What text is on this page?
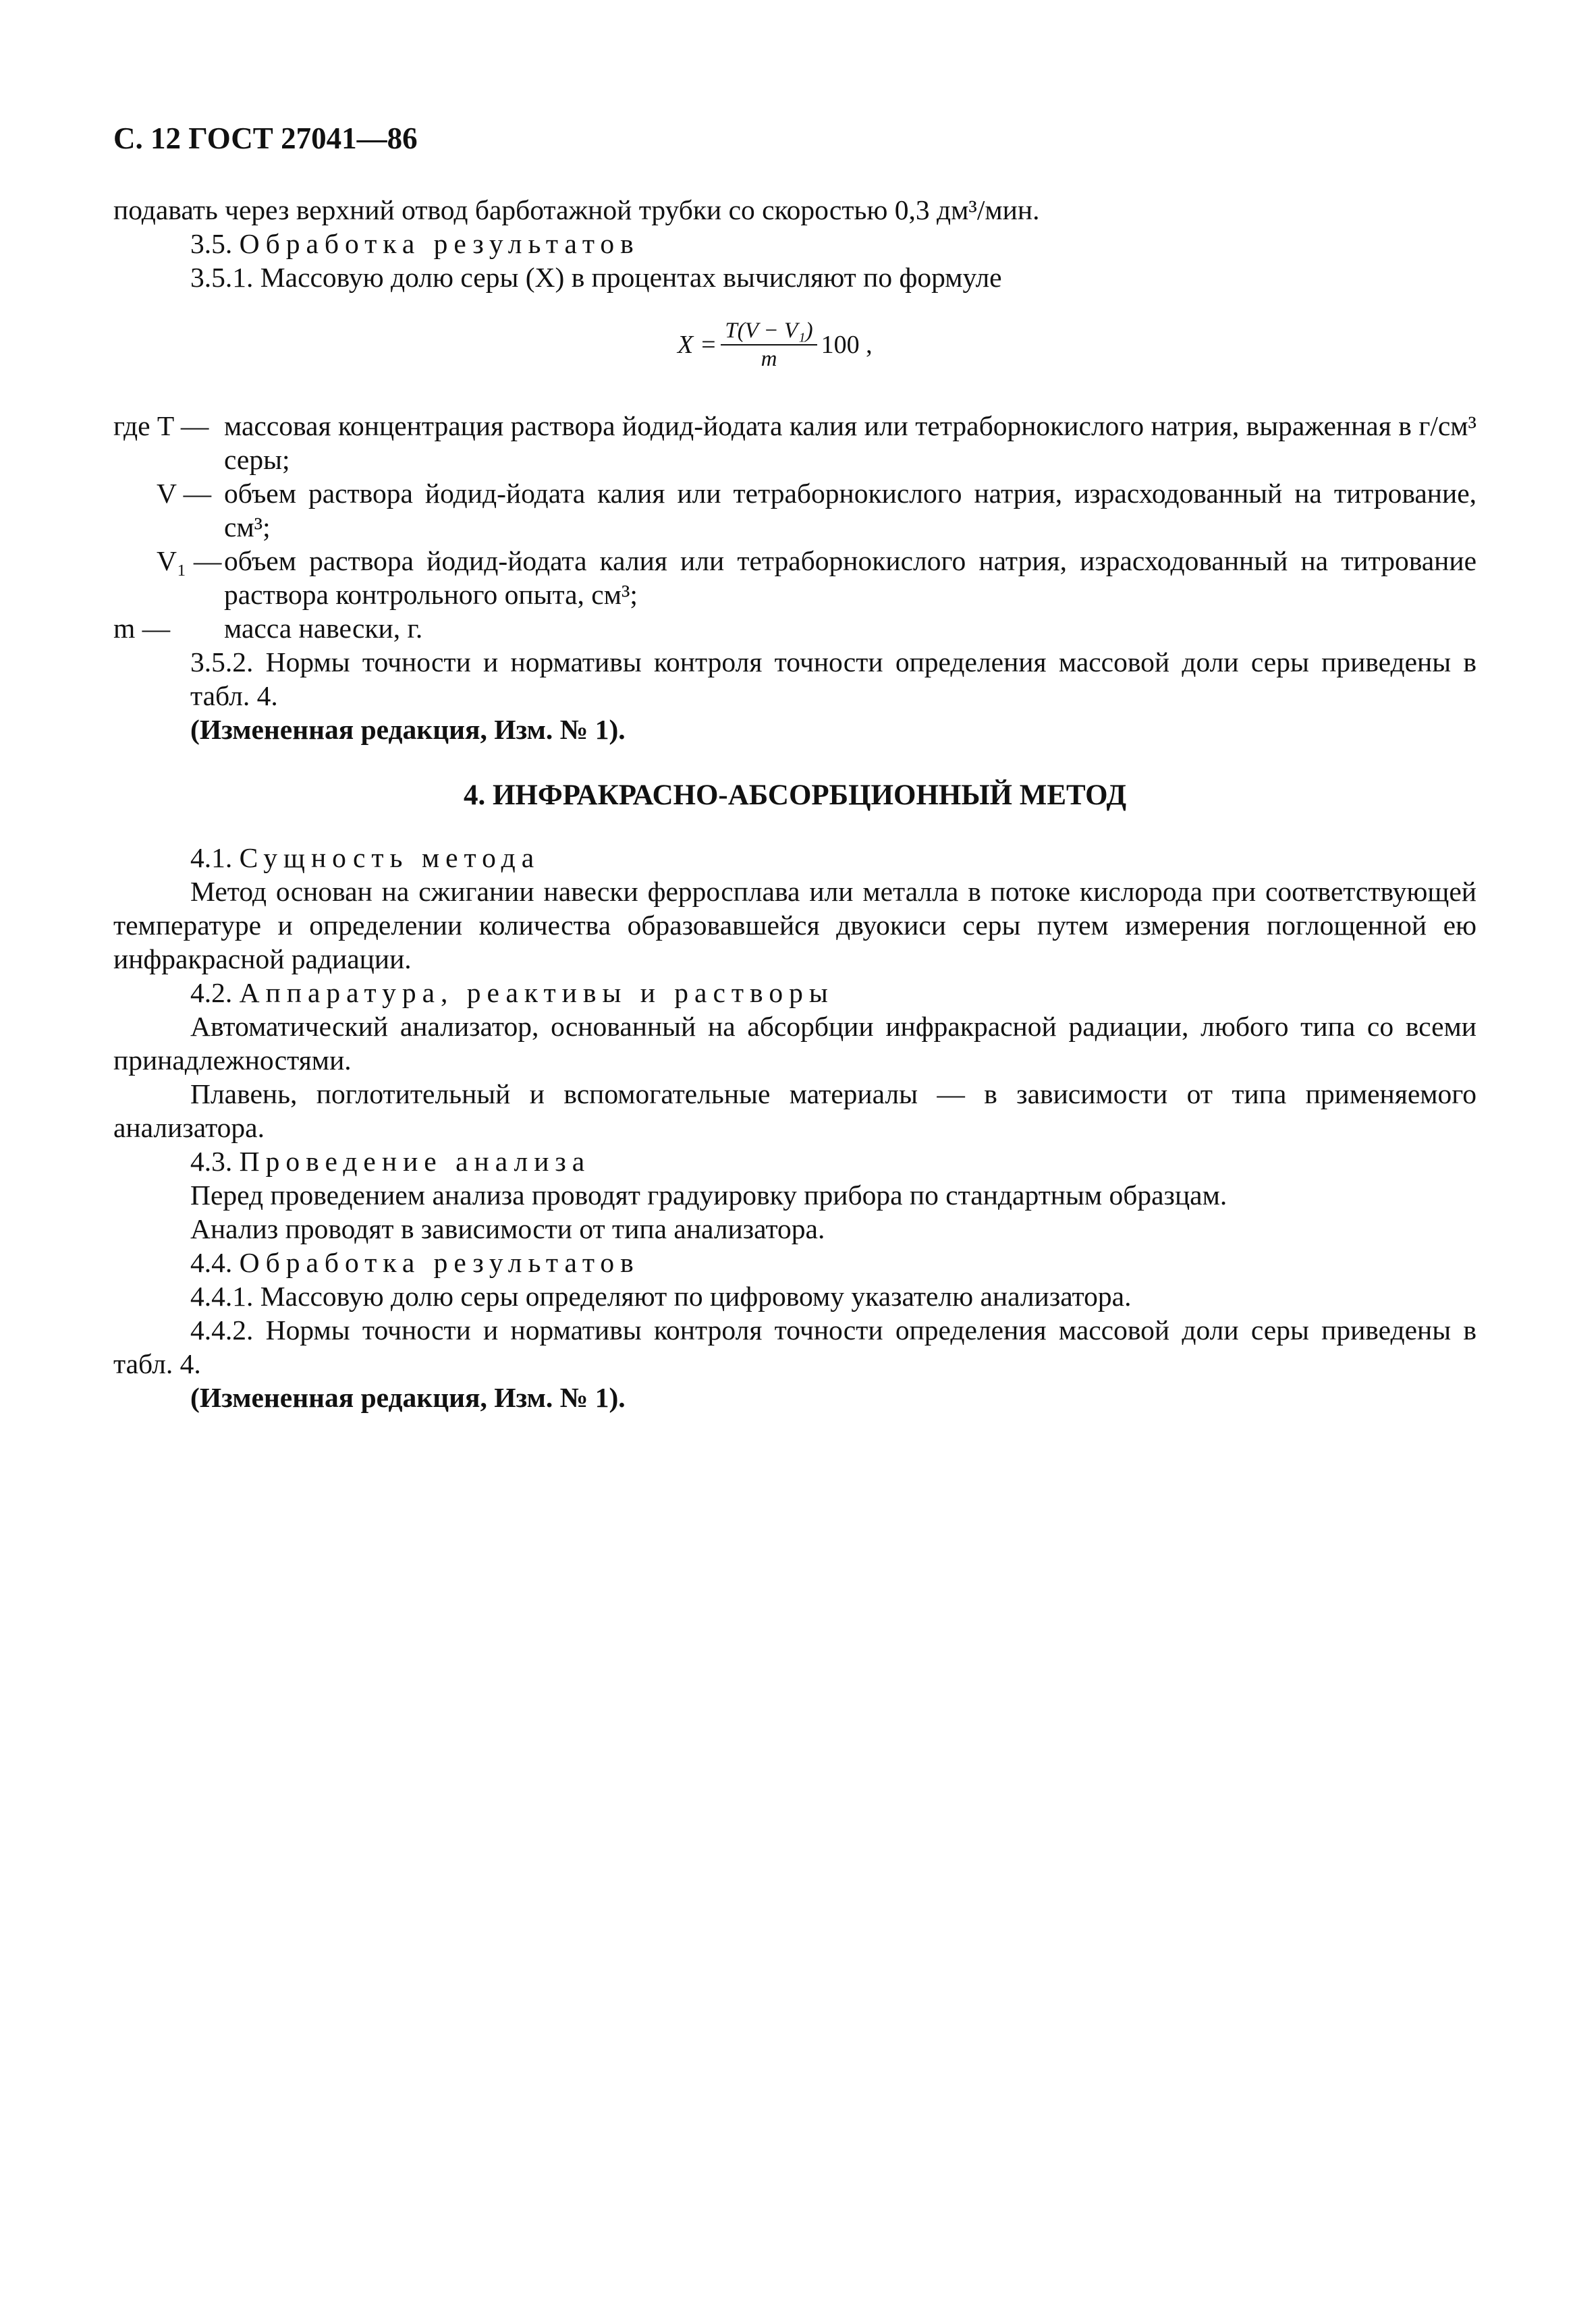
С. 12 ГОСТ 27041—86

подавать через верхний отвод барботажной трубки со скоростью 0,3 дм³/мин.

3.5. Обработка результатов

3.5.1. Массовую долю серы (X) в процентах вычисляют по формуле

$X = \frac{\text{T(V − V₁)}}{m} 100$ ,
где T — массовая концентрация раствора йодид-йодата калия или тетраборнокислого натрия, выраженная в г/см³ серы;
V — объем раствора йодид-йодата калия или тетраборнокислого натрия, израсходованный на титрование, см³;
V₁ — объем раствора йодид-йодата калия или тетраборнокислого натрия, израсходованный на титрование раствора контрольного опыта, см³;
m —	масса навески, г.

3.5.2. Нормы точности и нормативы контроля точности определения массовой доли серы приведены в табл. 4.

(Измененная редакция, Изм. № 1).

4. ИНФРАКРАСНО-АБСОРБЦИОННЫЙ МЕТОД

4.1. Сущность метода

Метод основан на сжигании навески ферросплава или металла в потоке кислорода при соответствующей температуре и определении количества образовавшейся двуокиси серы путем измерения поглощенной ею инфракрасной радиации.

4.2. Аппаратура, реактивы и растворы

Автоматический анализатор, основанный на абсорбции инфракрасной радиации, любого типа со всеми принадлежностями.

Плавень, поглотительный и вспомогательные материалы — в зависимости от типа применяемого анализатора.

4.3. Проведение анализа

Перед проведением анализа проводят градуировку прибора по стандартным образцам.

Анализ проводят в зависимости от типа анализатора.

4.4. Обработка результатов

4.4.1. Массовую долю серы определяют по цифровому указателю анализатора.

4.4.2. Нормы точности и нормативы контроля точности определения массовой доли серы приведены в табл. 4.

(Измененная редакция, Изм. № 1).
